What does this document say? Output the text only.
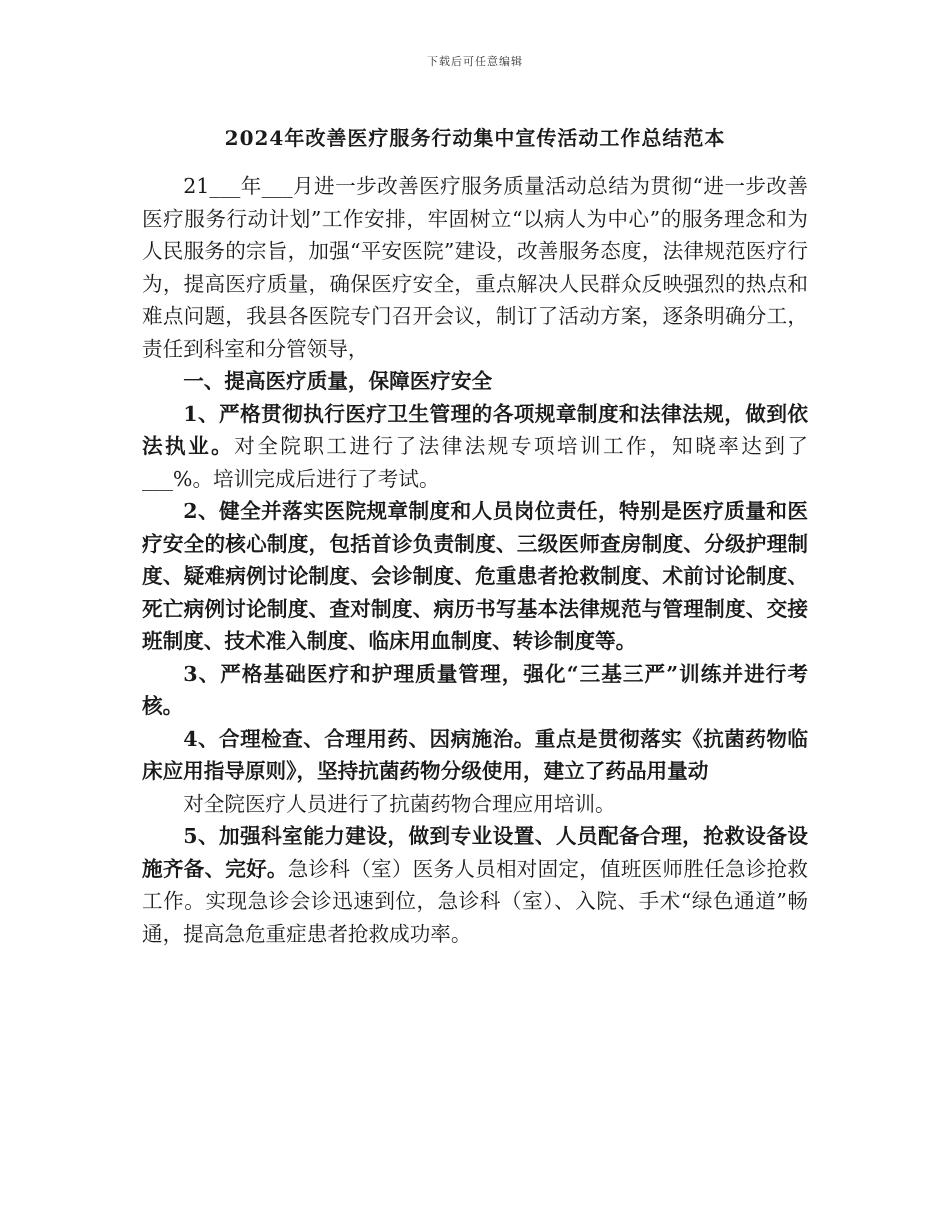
下载后可任意编辑
2024年改善医疗服务行动集中宣传活动工作总结范本

21___年___月进一步改善医疗服务质量活动总结为贯彻“进一步改善医疗服务行动计划”工作安排，牢固树立“以病人为中心”的服务理念和为人民服务的宗旨，加强“平安医院”建设，改善服务态度，法律规范医疗行为，提高医疗质量，确保医疗安全，重点解决人民群众反映强烈的热点和难点问题，我县各医院专门召开会议，制订了活动方案，逐条明确分工，责任到科室和分管领导，

一、提高医疗质量，保障医疗安全

1、严格贯彻执行医疗卫生管理的各项规章制度和法律法规，做到依法执业。对全院职工进行了法律法规专项培训工作，知晓率达到了___%。培训完成后进行了考试。

2、健全并落实医院规章制度和人员岗位责任，特别是医疗质量和医疗安全的核心制度，包括首诊负责制度、三级医师查房制度、分级护理制度、疑难病例讨论制度、会诊制度、危重患者抢救制度、术前讨论制度、死亡病例讨论制度、查对制度、病历书写基本法律规范与管理制度、交接班制度、技术准入制度、临床用血制度、转诊制度等。

3、严格基础医疗和护理质量管理，强化“三基三严”训练并进行考核。

4、合理检查、合理用药、因病施治。重点是贯彻落实《抗菌药物临床应用指导原则》，坚持抗菌药物分级使用，建立了药品用量动

对全院医疗人员进行了抗菌药物合理应用培训。

5、加强科室能力建设，做到专业设置、人员配备合理，抢救设备设施齐备、完好。急诊科（室）医务人员相对固定，值班医师胜任急诊抢救工作。实现急诊会诊迅速到位，急诊科（室）、入院、手术“绿色通道”畅通，提高急危重症患者抢救成功率。
